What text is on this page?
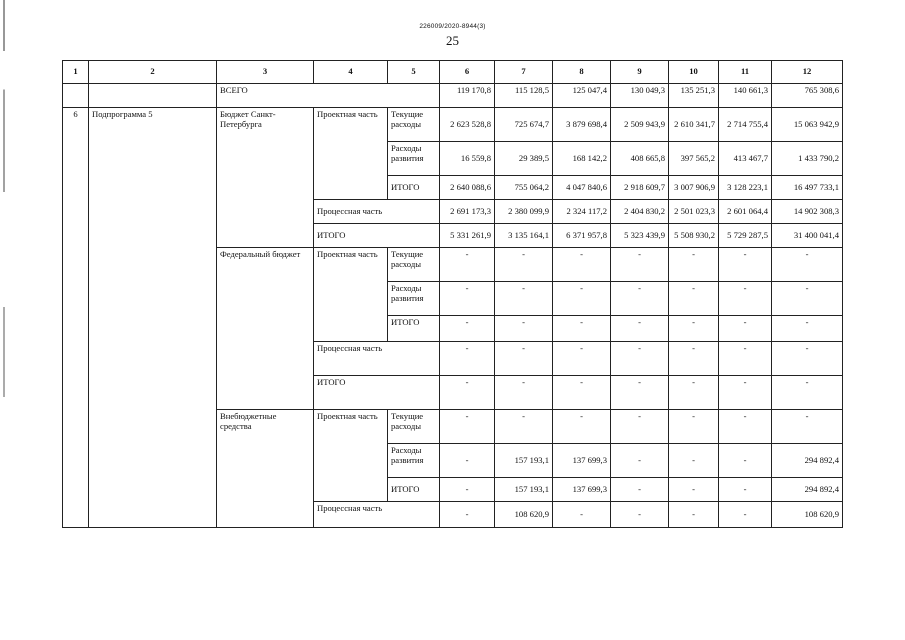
226009/2020-8944(3)
25
1	2	3	4	5	6	7	8	9	10	11	12
		ВСЕГО			119 170,8	115 128,5	125 047,4	130 049,3	135 251,3	140 661,3	765 308,6
6	Подпрограмма 5	Бюджет Санкт-Петербурга	Проектная часть	Текущие расходы	2 623 528,8	725 674,7	3 879 698,4	2 509 943,9	2 610 341,7	2 714 755,4	15 063 942,9
				Расходы развития	16 559,8	29 389,5	168 142,2	408 665,8	397 565,2	413 467,7	1 433 790,2
				ИТОГО	2 640 088,6	755 064,2	4 047 840,6	2 918 609,7	3 007 906,9	3 128 223,1	16 497 733,1
			Процессная часть		2 691 173,3	2 380 099,9	2 324 117,2	2 404 830,2	2 501 023,3	2 601 064,4	14 902 308,3
			ИТОГО		5 331 261,9	3 135 164,1	6 371 957,8	5 323 439,9	5 508 930,2	5 729 287,5	31 400 041,4
		Федеральный бюджет	Проектная часть	Текущие расходы	-	-	-	-	-	-	-
				Расходы развития	-	-	-	-	-	-	-
				ИТОГО	-	-	-	-	-	-	-
			Процессная часть		-	-	-	-	-	-	-
			ИТОГО		-	-	-	-	-	-	-
		Внебюджетные средства	Проектная часть	Текущие расходы	-	-	-	-	-	-	-
				Расходы развития	-	157 193,1	137 699,3	-	-	-	294 892,4
				ИТОГО	-	157 193,1	137 699,3	-	-	-	294 892,4
			Процессная часть		-	108 620,9	-	-	-	-	108 620,9
